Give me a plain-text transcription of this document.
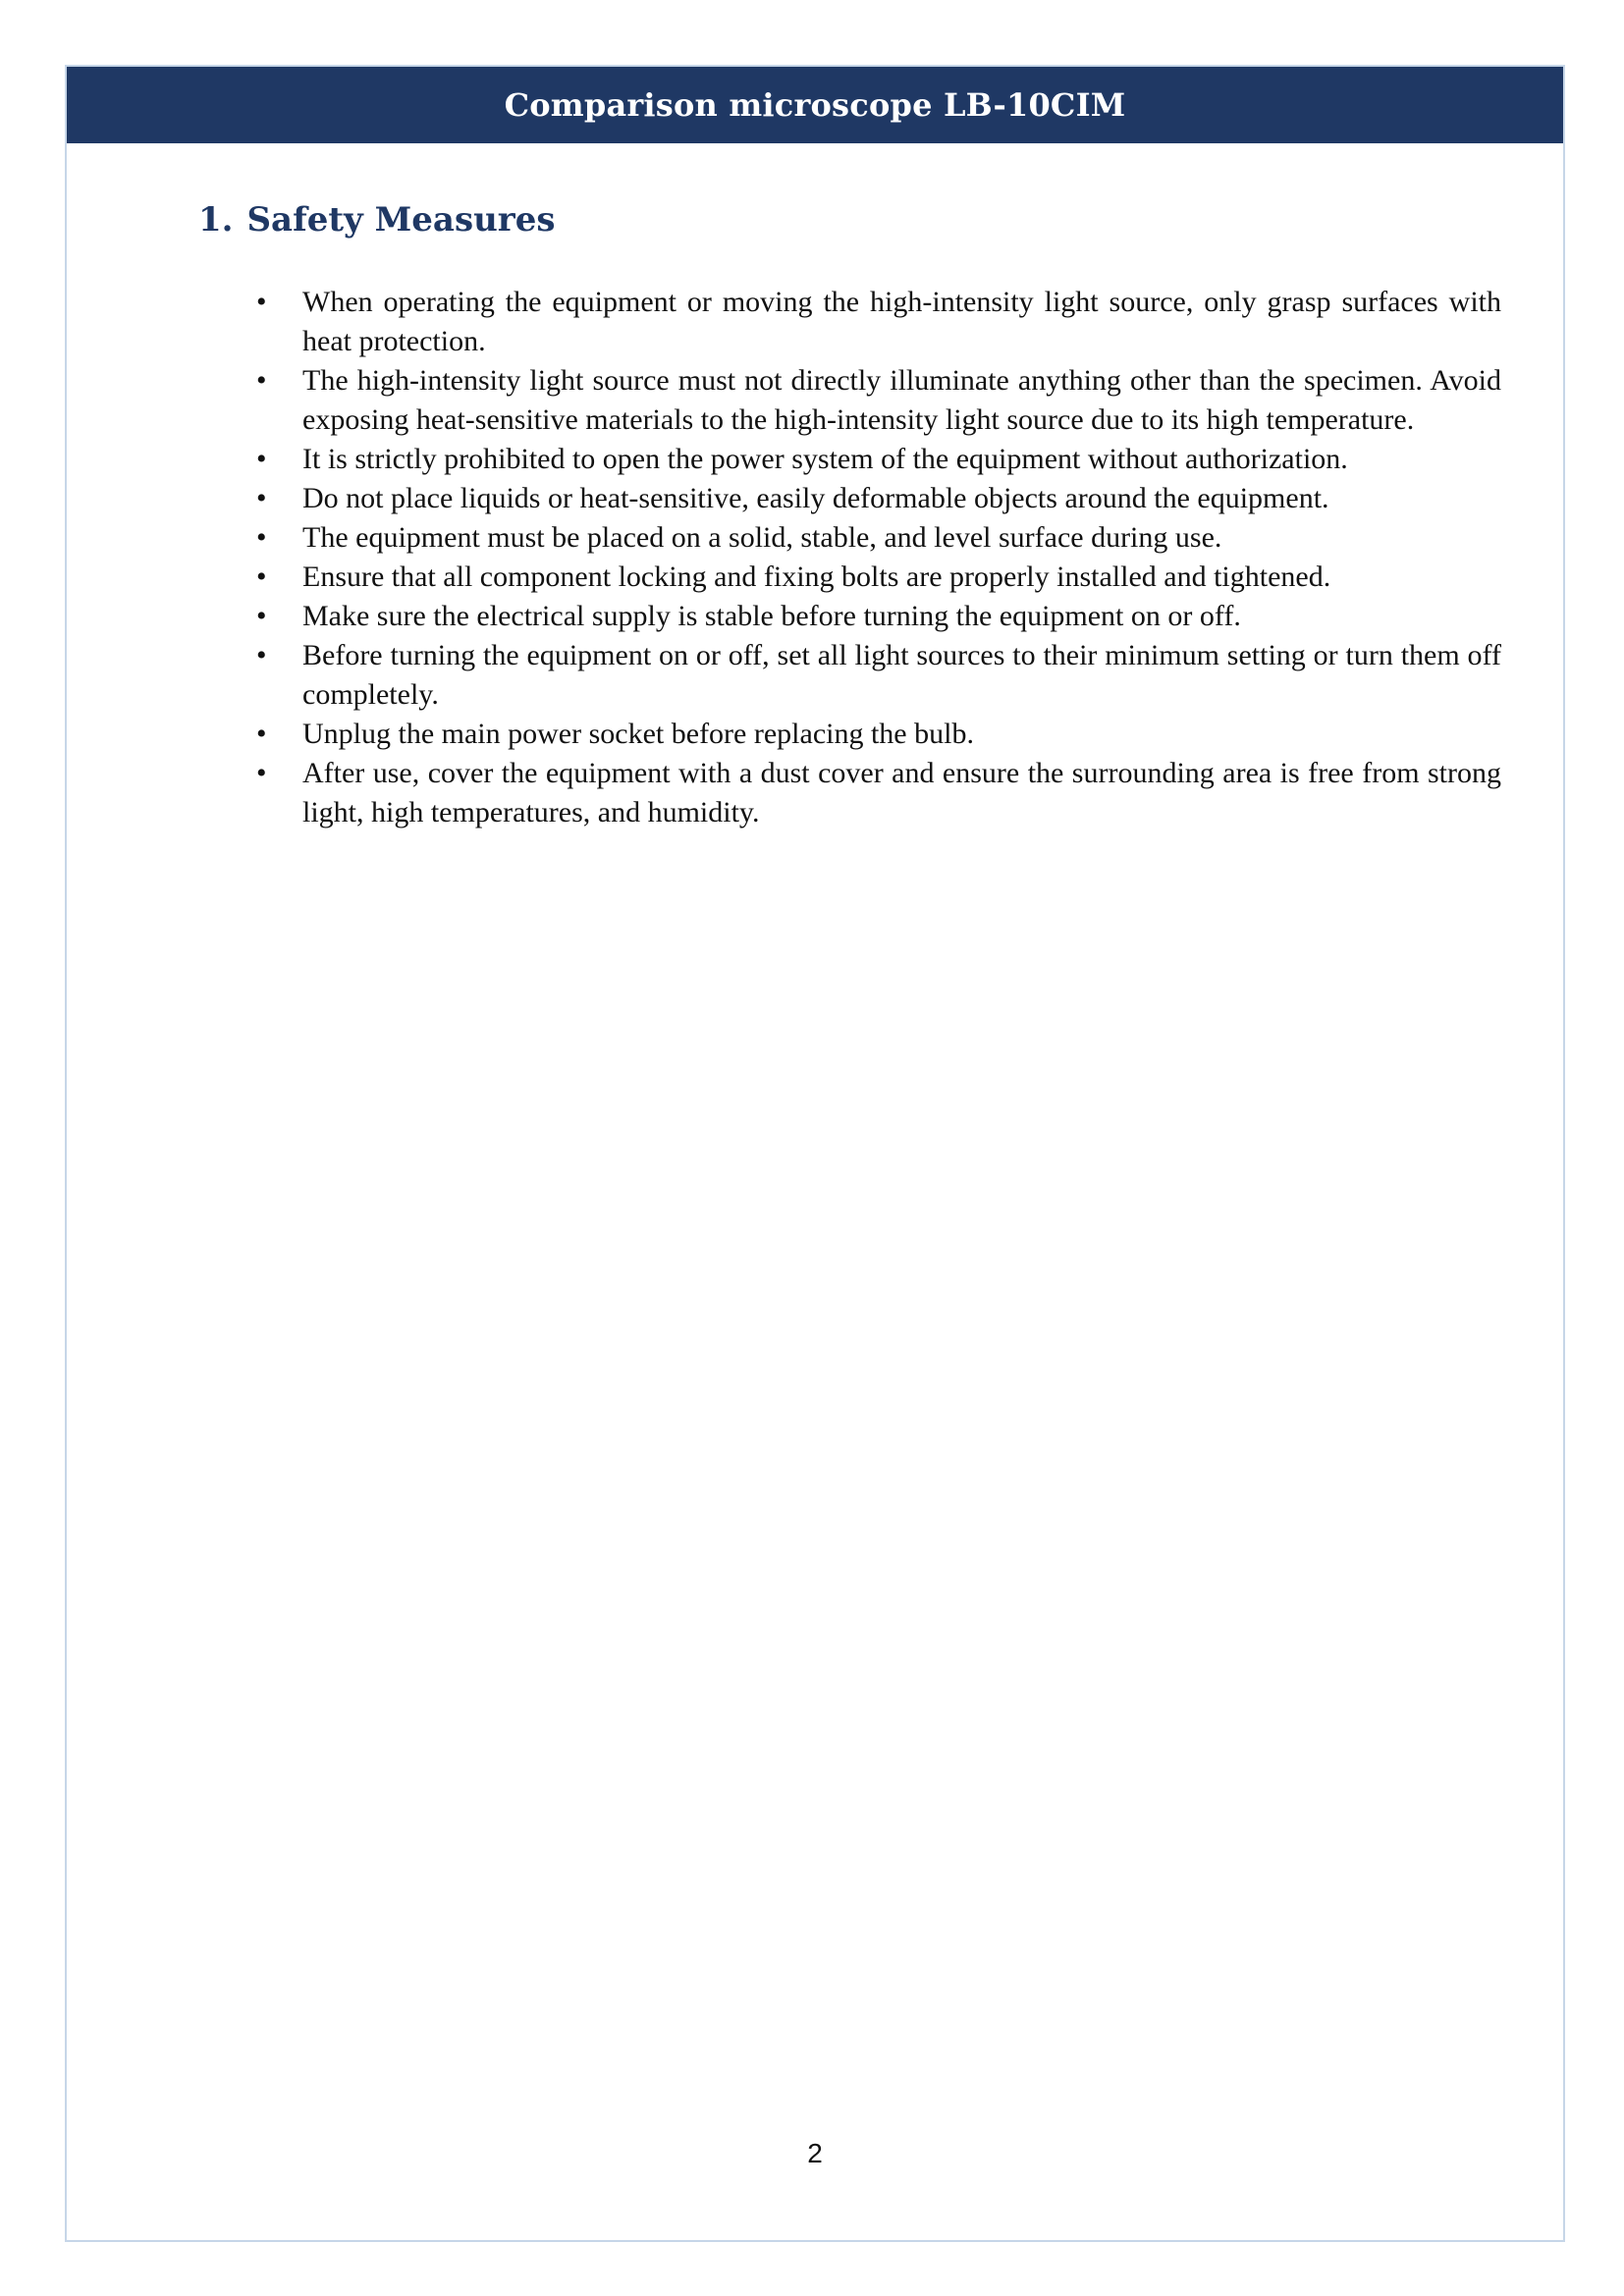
Comparison microscope LB-10CIM
1. Safety Measures
• When operating the equipment or moving the high-intensity light source, only grasp surfaces with heat protection.
• The high-intensity light source must not directly illuminate anything other than the specimen. Avoid exposing heat-sensitive materials to the high-intensity light source due to its high temperature.
• It is strictly prohibited to open the power system of the equipment without authorization.
• Do not place liquids or heat-sensitive, easily deformable objects around the equipment.
• The equipment must be placed on a solid, stable, and level surface during use.
• Ensure that all component locking and fixing bolts are properly installed and tightened.
• Make sure the electrical supply is stable before turning the equipment on or off.
• Before turning the equipment on or off, set all light sources to their minimum setting or turn them off completely.
• Unplug the main power socket before replacing the bulb.
• After use, cover the equipment with a dust cover and ensure the surrounding area is free from strong light, high temperatures, and humidity.
2
